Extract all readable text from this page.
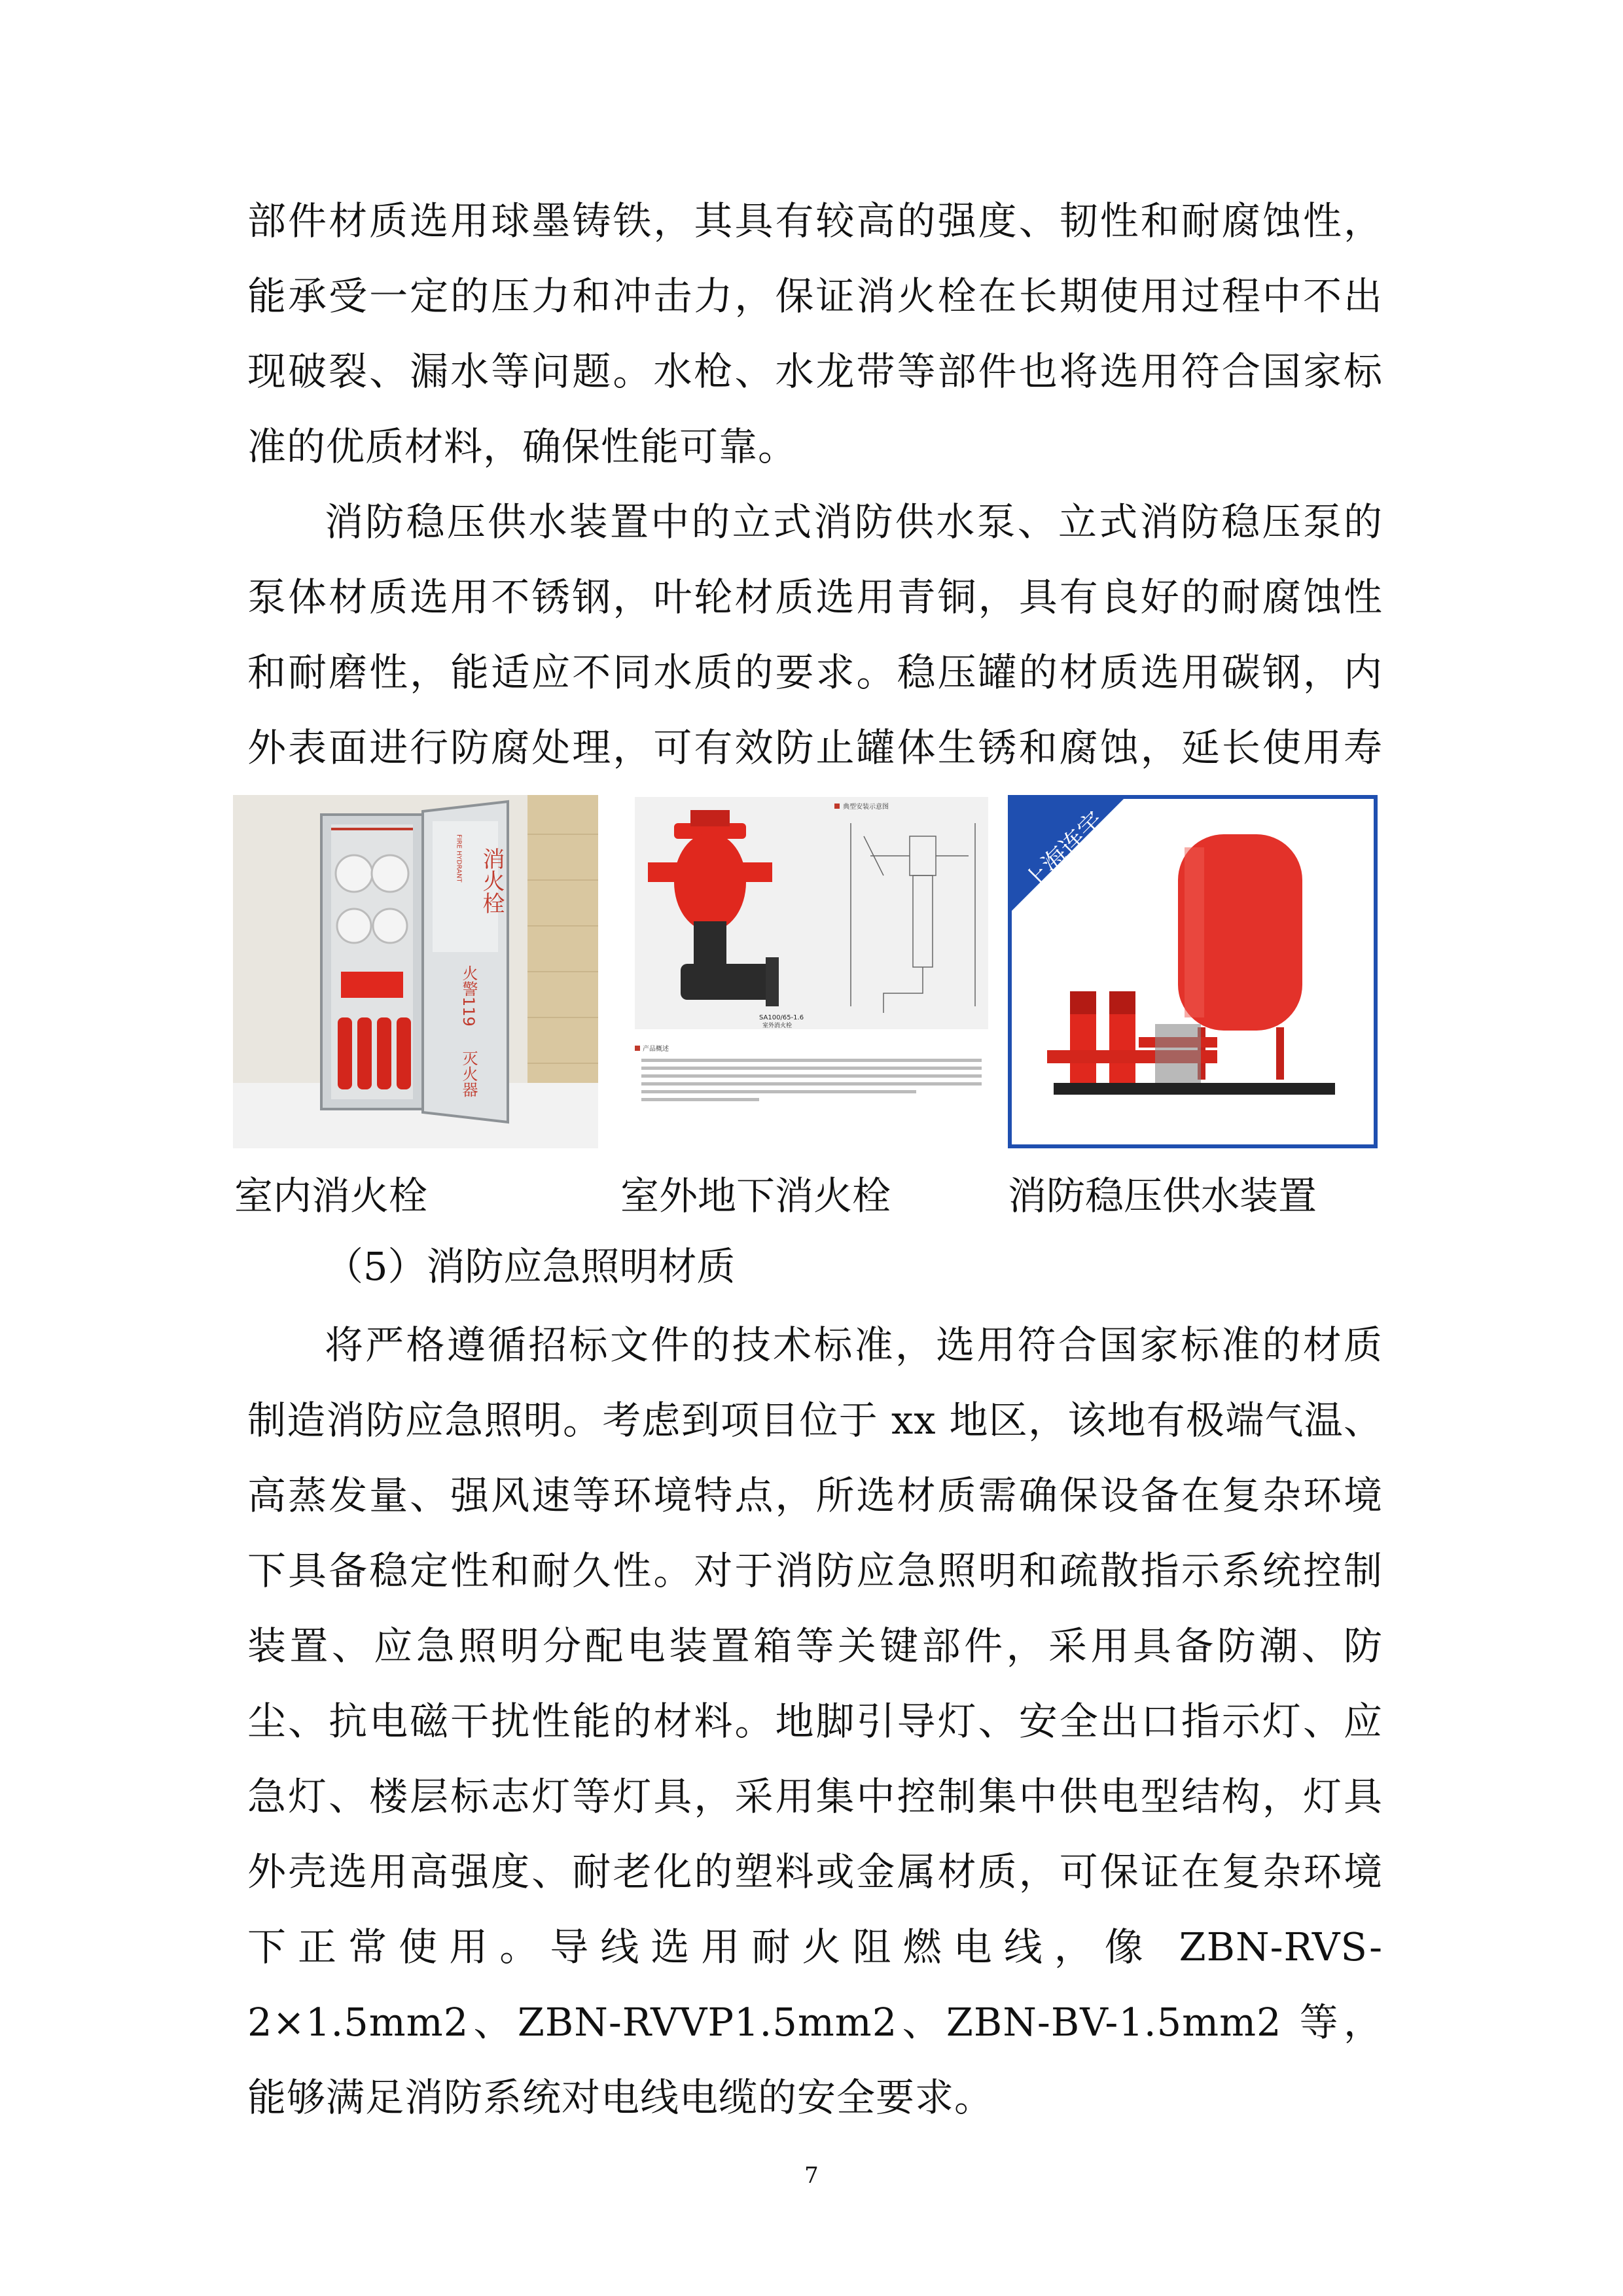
部件材质选用球墨铸铁，其具有较高的强度、韧性和耐腐蚀性，能承受一定的压力和冲击力，保证消火栓在长期使用过程中不出现破裂、漏水等问题。水枪、水龙带等部件也将选用符合国家标准的优质材料，确保性能可靠。

消防稳压供水装置中的立式消防供水泵、立式消防稳压泵的泵体材质选用不锈钢，叶轮材质选用青铜，具有良好的耐腐蚀性和耐磨性，能适应不同水质的要求。稳压罐的材质选用碳钢，内外表面进行防腐处理，可有效防止罐体生锈和腐蚀，延长使用寿

消火栓
FIRE HYDRANT
火警119
灭火器
SA100/65-1.6
室外消火栓
典型安装示意图
产品概述
上海连宇
室内消火栓	室外地下消火栓	消防稳压供水装置

（5）消防应急照明材质

将严格遵循招标文件的技术标准，选用符合国家标准的材质制造消防应急照明。考虑到项目位于 xx 地区，该地有极端气温、高蒸发量、强风速等环境特点，所选材质需确保设备在复杂环境下具备稳定性和耐久性。对于消防应急照明和疏散指示系统控制装置、应急照明分配电装置箱等关键部件，采用具备防潮、防尘、抗电磁干扰性能的材料。地脚引导灯、安全出口指示灯、应急灯、楼层标志灯等灯具，采用集中控制集中供电型结构，灯具外壳选用高强度、耐老化的塑料或金属材质，可保证在复杂环境下正常使用。导线选用耐火阻燃电线，像 ZBN-RVS-2×1.5mm2、ZBN-RVVP1.5mm2、ZBN-BV-1.5mm2 等，能够满足消防系统对电线电缆的安全要求。

7
